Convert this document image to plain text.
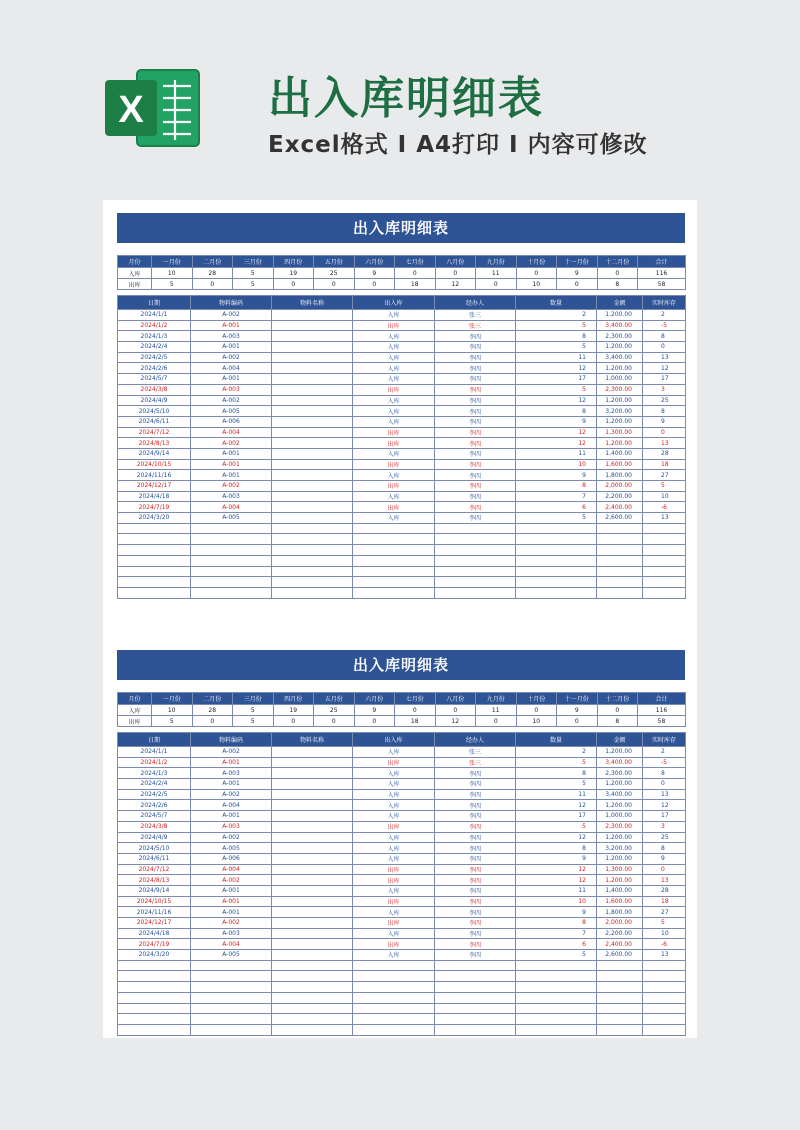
X	出入库明细表
Excel格式 I A4打印 I 内容可修改
出入库明细表
月份	一月份	二月份	三月份	四月份	五月份	六月份	七月份	八月份	九月份	十月份	十一月份	十二月份	合计
入库	10	28	5	19	25	9	0	0	11	0	9	0	116
出库	5	0	5	0	0	0	18	12	0	10	0	8	58
日期	物料编码	物料名称	出入库	经办人	数量	金额	实时库存
2024/1/1	A-002		入库	张三	2	1,200.00	2
2024/1/2	A-001		出库	张三	5	3,400.00	-5
2024/1/3	A-003		入库	李四	8	2,300.00	8
2024/2/4	A-001		入库	李四	5	1,200.00	0
2024/2/5	A-002		入库	李四	11	3,400.00	13
2024/2/6	A-004		入库	李四	12	1,200.00	12
2024/5/7	A-001		入库	李四	17	1,000.00	17
2024/3/8	A-003		出库	李四	5	2,300.00	3
2024/4/9	A-002		入库	李四	12	1,200.00	25
2024/5/10	A-005		入库	李四	8	3,200.00	8
2024/6/11	A-006		入库	李四	9	1,200.00	9
2024/7/12	A-004		出库	李四	12	1,300.00	0
2024/8/13	A-002		出库	李四	12	1,200.00	13
2024/9/14	A-001		入库	李四	11	1,400.00	28
2024/10/15	A-001		出库	李四	10	1,600.00	18
2024/11/16	A-001		入库	李四	9	1,800.00	27
2024/12/17	A-002		出库	李四	8	2,000.00	5
2024/4/18	A-003		入库	李四	7	2,200.00	10
2024/7/19	A-004		出库	李四	6	2,400.00	-6
2024/3/20	A-005		入库	李四	5	2,600.00	13

出入库明细表
月份	一月份	二月份	三月份	四月份	五月份	六月份	七月份	八月份	九月份	十月份	十一月份	十二月份	合计
入库	10	28	5	19	25	9	0	0	11	0	9	0	116
出库	5	0	5	0	0	0	18	12	0	10	0	8	58
日期	物料编码	物料名称	出入库	经办人	数量	金额	实时库存
2024/1/1	A-002		入库	张三	2	1,200.00	2
2024/1/2	A-001		出库	张三	5	3,400.00	-5
2024/1/3	A-003		入库	李四	8	2,300.00	8
2024/2/4	A-001		入库	李四	5	1,200.00	0
2024/2/5	A-002		入库	李四	11	3,400.00	13
2024/2/6	A-004		入库	李四	12	1,200.00	12
2024/5/7	A-001		入库	李四	17	1,000.00	17
2024/3/8	A-003		出库	李四	5	2,300.00	3
2024/4/9	A-002		入库	李四	12	1,200.00	25
2024/5/10	A-005		入库	李四	8	3,200.00	8
2024/6/11	A-006		入库	李四	9	1,200.00	9
2024/7/12	A-004		出库	李四	12	1,300.00	0
2024/8/13	A-002		出库	李四	12	1,200.00	13
2024/9/14	A-001		入库	李四	11	1,400.00	28
2024/10/15	A-001		出库	李四	10	1,600.00	18
2024/11/16	A-001		入库	李四	9	1,800.00	27
2024/12/17	A-002		出库	李四	8	2,000.00	5
2024/4/18	A-003		入库	李四	7	2,200.00	10
2024/7/19	A-004		出库	李四	6	2,400.00	-6
2024/3/20	A-005		入库	李四	5	2,600.00	13
